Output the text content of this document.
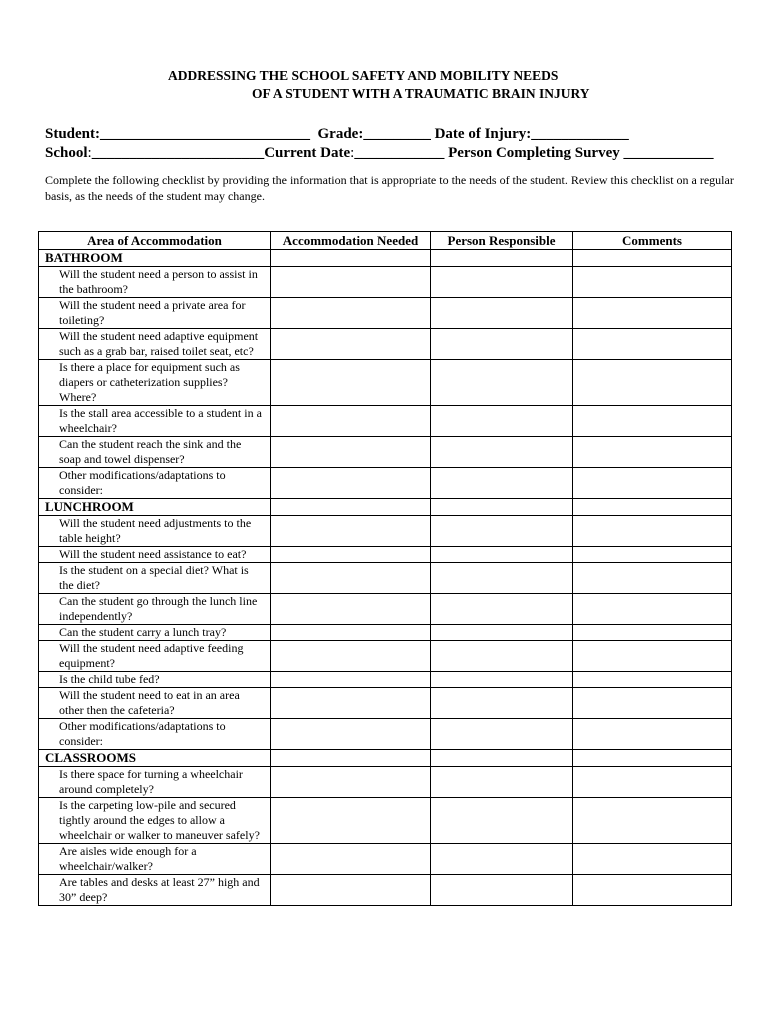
ADDRESSING THE SCHOOL SAFETY AND MOBILITY NEEDS
OF A STUDENT WITH A TRAUMATIC BRAIN INJURY
Student:____________________________ Grade:_________ Date of Injury:_____________
School:_______________________Current Date:____________ Person Completing Survey ____________
Complete the following checklist by providing the information that is appropriate to the needs of the student. Review this checklist on a regular basis, as the needs of the student may change.
Area of Accommodation	Accommodation Needed	Person Responsible	Comments
BATHROOM			
Will the student need a person to assist in the bathroom?			
Will the student need a private area for toileting?			
Will the student need adaptive equipment such as a grab bar, raised toilet seat, etc?			
Is there a place for equipment such as diapers or catheterization supplies? Where?			
Is the stall area accessible to a student in a wheelchair?			
Can the student reach the sink and the soap and towel dispenser?			
Other modifications/adaptations to consider:			
LUNCHROOM			
Will the student need adjustments to the table height?			
Will the student need assistance to eat?			
Is the student on a special diet? What is the diet?			
Can the student go through the lunch line independently?			
Can the student carry a lunch tray?			
Will the student need adaptive feeding equipment?			
Is the child tube fed?			
Will the student need to eat in an area other then the cafeteria?			
Other modifications/adaptations to consider:			
CLASSROOMS			
Is there space for turning a wheelchair around completely?			
Is the carpeting low-pile and secured tightly around the edges to allow a wheelchair or walker to maneuver safely?			
Are aisles wide enough for a wheelchair/walker?			
Are tables and desks at least 27” high and 30” deep?			
